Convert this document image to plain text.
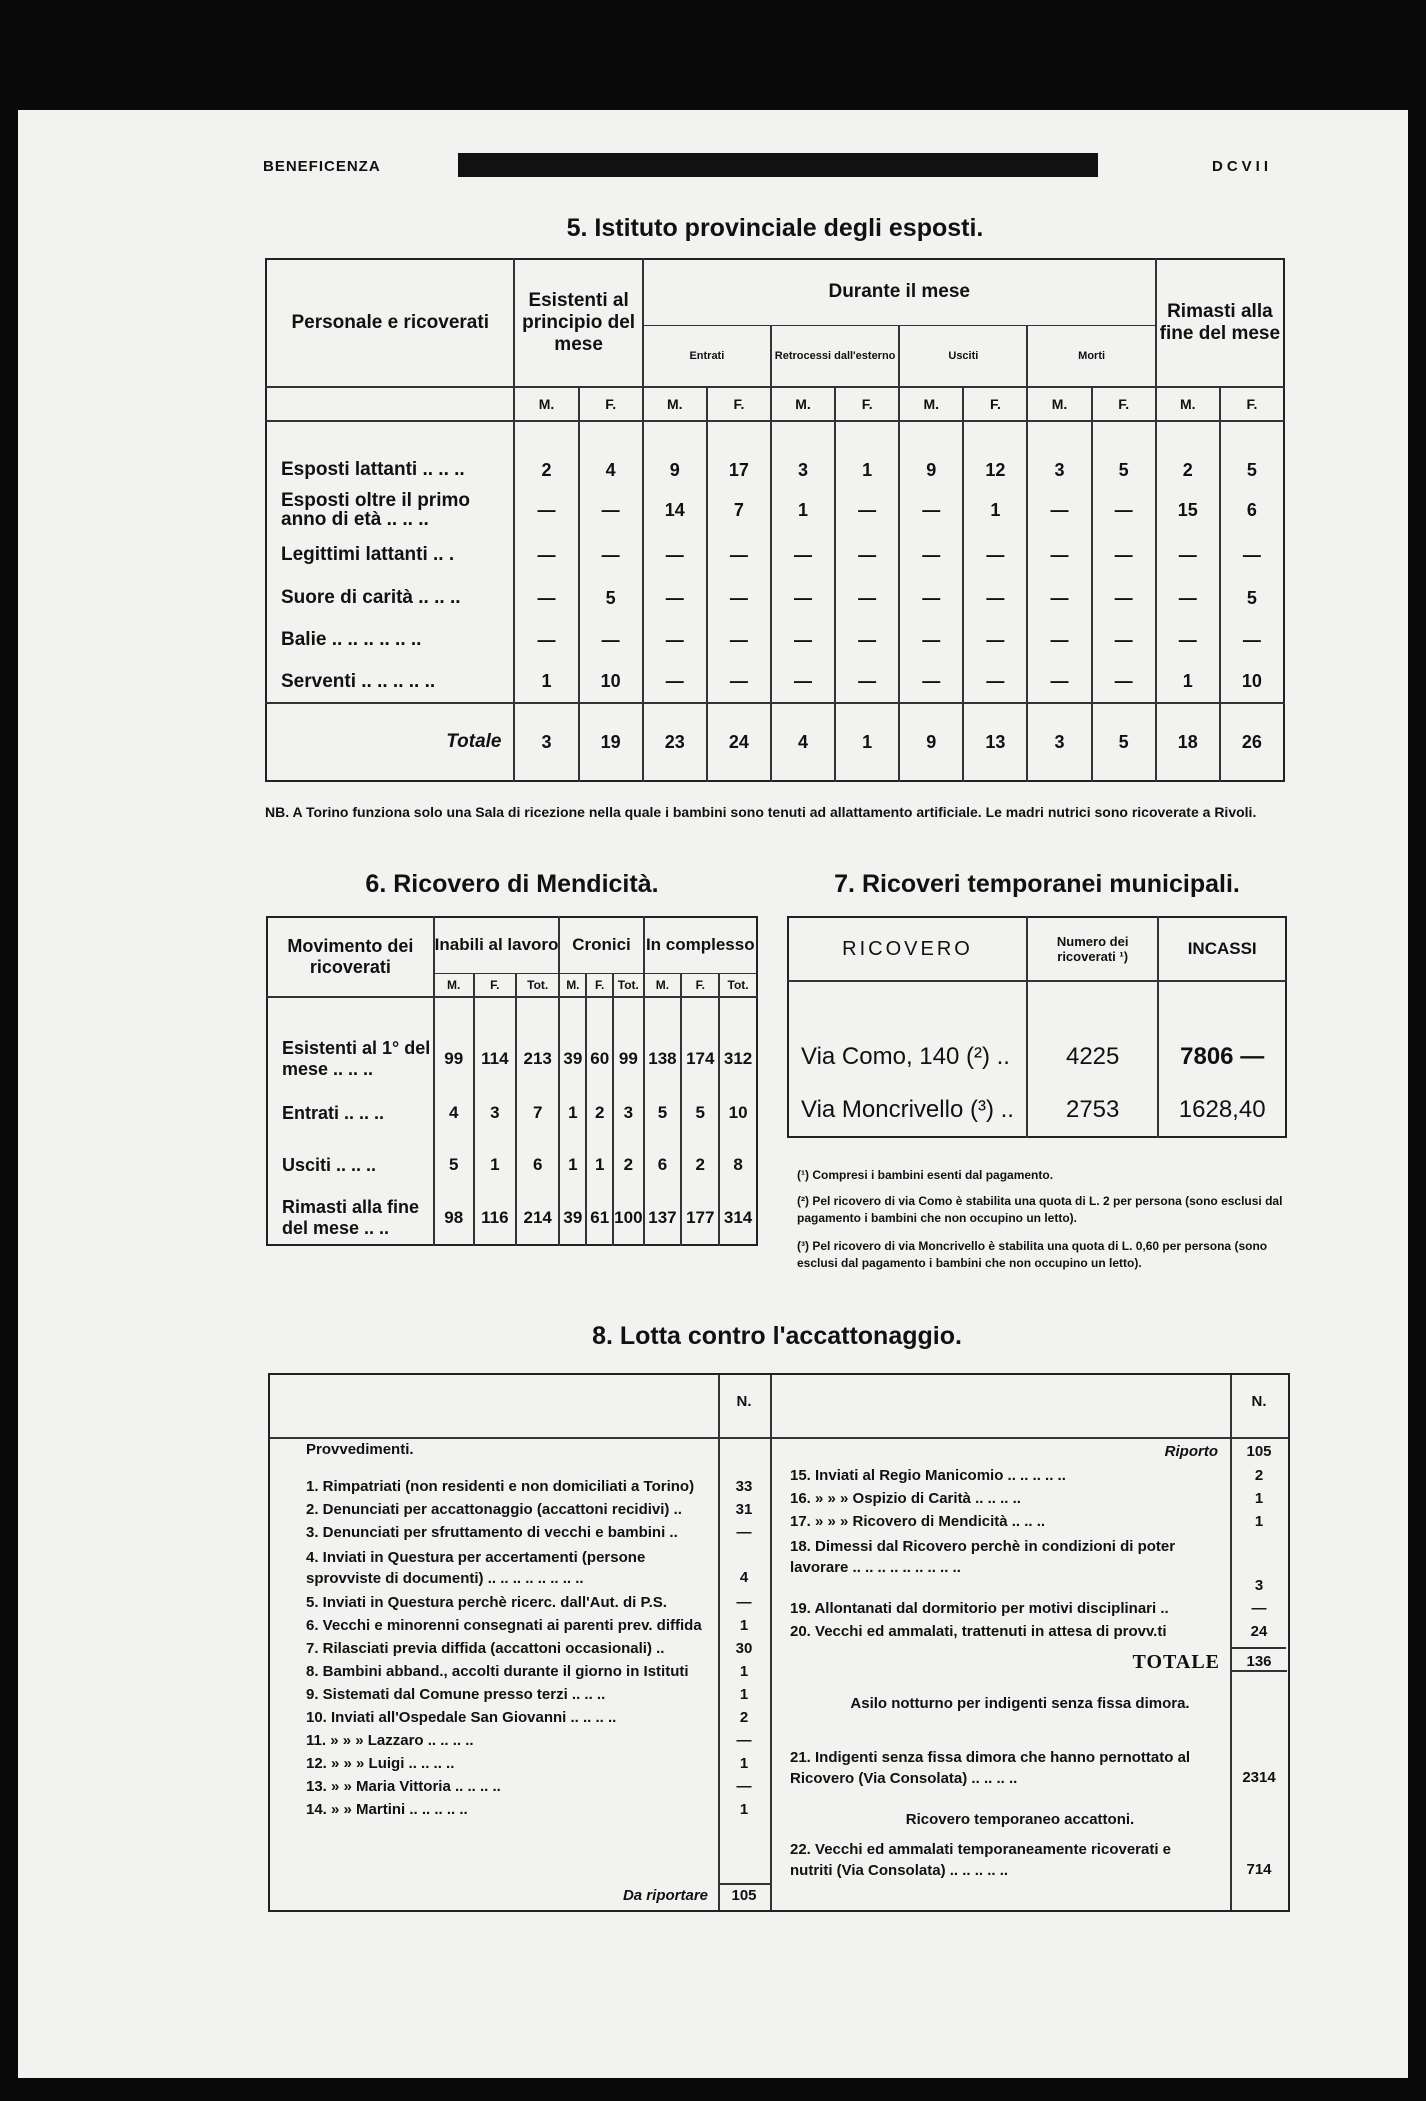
BENEFICENZA	DCVII
5. Istituto provinciale degli esposti.
Personale e ricoverati	Esistenti al principio del mese		Durante il mese								Rimasti alla fine del mese	
			Entrati		Retrocessi dall'esterno		Usciti		Morti			
	M.	F.	M.	F.	M.	F.	M.	F.	M.	F.	M.	F.

Esposti lattanti .. .. ..	2	4	9	17	3	1	9	12	3	5	2	5
Esposti oltre il primo anno di età .. .. ..	—	—	14	7	1	—	—	1	—	—	15	6
Legittimi lattanti .. .	—	—	—	—	—	—	—	—	—	—	—	—
Suore di carità .. .. ..	—	5	—	—	—	—	—	—	—	—	—	5
Balie .. .. .. .. .. ..	—	—	—	—	—	—	—	—	—	—	—	—
Serventi .. .. .. .. ..	1	10	—	—	—	—	—	—	—	—	1	10
Totale	3	19	23	24	4	1	9	13	3	5	18	26
NB. A Torino funziona solo una Sala di ricezione nella quale i bambini sono tenuti ad allattamento artificiale. Le madri nutrici sono ricoverate a Rivoli.
6. Ricovero di Mendicità.
Movimento dei ricoverati	Inabili al lavoro			Cronici			In complesso		
	M.	F.	Tot.	M.	F.	Tot.	M.	F.	Tot.

Esistenti al 1° del mese .. .. ..	99	114	213	39	60	99	138	174	312
Entrati .. .. ..	4	3	7	1	2	3	5	5	10
Usciti .. .. ..	5	1	6	1	1	2	6	2	8
Rimasti alla fine del mese .. ..	98	116	214	39	61	100	137	177	314
7. Ricoveri temporanei municipali.
RICOVERO	Numero dei ricoverati ¹)	INCASSI

Via Como, 140 (²) ..	4225	7806 —
Via Moncrivello (³) ..	2753	1628,40
(¹) Compresi i bambini esenti dal pagamento.
(²) Pel ricovero di via Como è stabilita una quota di L. 2 per persona (sono esclusi dal pagamento i bambini che non occupino un letto).
(³) Pel ricovero di via Moncrivello è stabilita una quota di L. 0,60 per persona (sono esclusi dal pagamento i bambini che non occupino un letto).
8. Lotta contro l'accattonaggio.
N.	N.
Provvedimenti.
1. Rimpatriati (non residenti e non domiciliati a Torino)	33
2. Denunciati per accattonaggio (accattoni recidivi) ..	31
3. Denunciati per sfruttamento di vecchi e bambini ..	—
4. Inviati in Questura per accertamenti (persone sprovviste di documenti) .. .. .. .. .. .. .. ..	4
5. Inviati in Questura perchè ricerc. dall'Aut. di P.S.	—
6. Vecchi e minorenni consegnati ai parenti prev. diffida	1
7. Rilasciati previa diffida (accattoni occasionali) ..	30
8. Bambini abband., accolti durante il giorno in Istituti	1
9. Sistemati dal Comune presso terzi .. .. ..	1
10. Inviati all'Ospedale San Giovanni .. .. .. ..	2
11. » » » Lazzaro .. .. .. ..	—
12. » » » Luigi .. .. .. ..	1
13. » » Maria Vittoria .. .. .. ..	—
14. » » Martini .. .. .. .. ..	1
Da riportare	105
Riporto	105
15. Inviati al Regio Manicomio .. .. .. .. ..	2
16. » » » Ospizio di Carità .. .. .. ..	1
17. » » » Ricovero di Mendicità .. .. ..	1
18. Dimessi dal Ricovero perchè in condizioni di poter lavorare .. .. .. .. .. .. .. .. ..
3
19. Allontanati dal dormitorio per motivi disciplinari ..	—
20. Vecchi ed ammalati, trattenuti in attesa di provv.ti	24
TOTALE	136
Asilo notturno per indigenti senza fissa dimora.
21. Indigenti senza fissa dimora che hanno pernottato al Ricovero (Via Consolata) .. .. .. ..	2314
Ricovero temporaneo accattoni.
22. Vecchi ed ammalati temporaneamente ricoverati e nutriti (Via Consolata) .. .. .. .. ..	714
